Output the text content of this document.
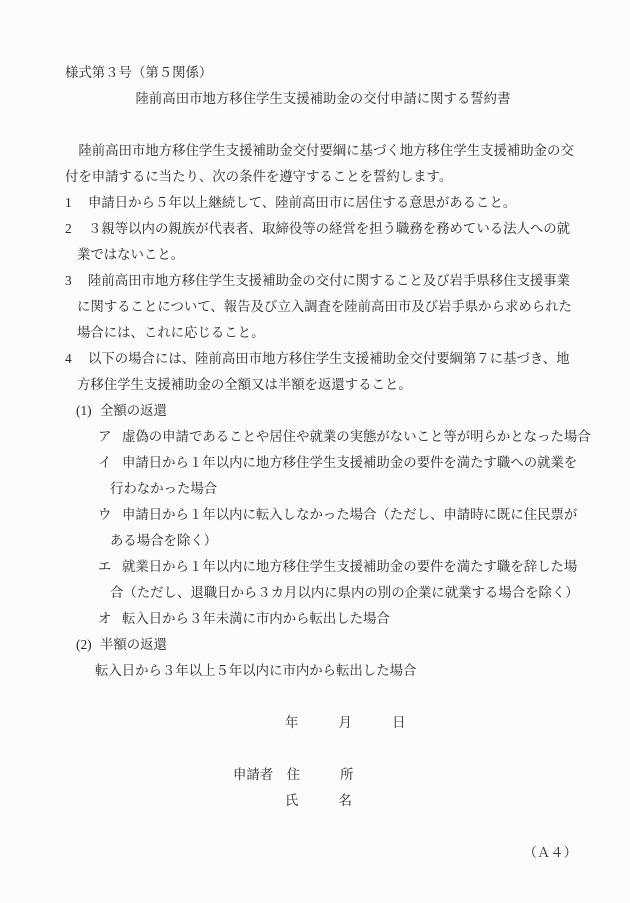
様式第３号（第５関係）
陸前高田市地方移住学生支援補助金の交付申請に関する誓約書
　陸前高田市地方移住学生支援補助金交付要綱に基づく地方移住学生支援補助金の交
付を申請するに当たり、次の条件を遵守することを誓約します。
1 申請日から５年以上継続して、陸前高田市に居住する意思があること。
2 ３親等以内の親族が代表者、取締役等の経営を担う職務を務めている法人への就
業ではないこと。
3 陸前高田市地方移住学生支援補助金の交付に関すること及び岩手県移住支援事業
に関することについて、報告及び立入調査を陸前高田市及び岩手県から求められた
場合には、これに応じること。
4 以下の場合には、陸前高田市地方移住学生支援補助金交付要綱第７に基づき、地
方移住学生支援補助金の全額又は半額を返還すること。
(1) 全額の返還
ア 虚偽の申請であることや居住や就業の実態がないこと等が明らかとなった場合
イ 申請日から１年以内に地方移住学生支援補助金の要件を満たす職への就業を
行わなかった場合
ウ 申請日から１年以内に転入しなかった場合（ただし、申請時に既に住民票が
ある場合を除く）
エ 就業日から１年以内に地方移住学生支援補助金の要件を満たす職を辞した場
合（ただし、退職日から３カ月以内に県内の別の企業に就業する場合を除く）
オ 転入日から３年未満に市内から転出した場合
(2) 半額の返還
転入日から３年以上５年以内に市内から転出した場合
年　　　月　　　日
申請者 住　　　所
氏　　　名
（Ａ４）
